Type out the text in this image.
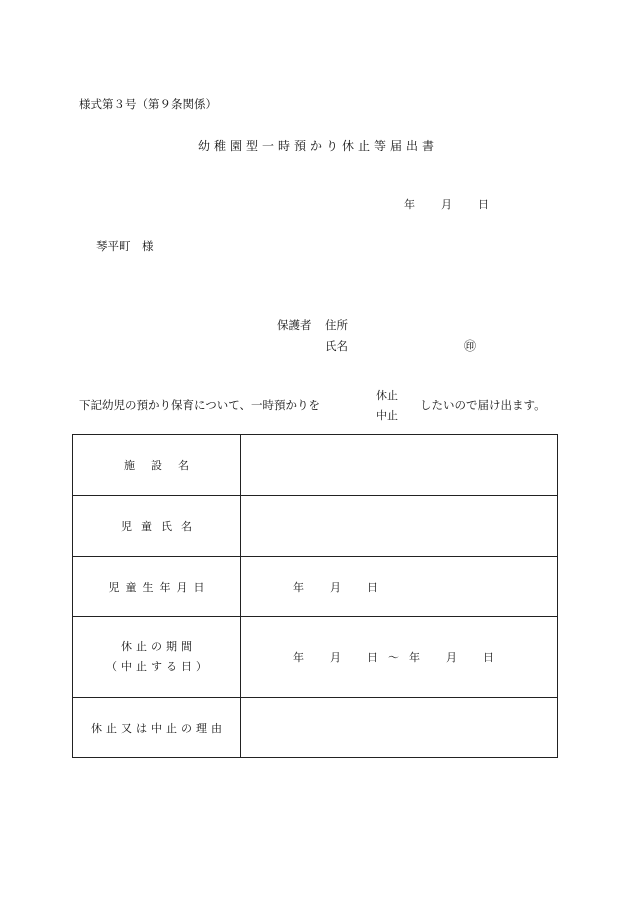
様式第３号（第９条関係）
幼稚園型一時預かり休止等届出書
年 月 日
琴平町　様
保護者 住所
氏名	㊞
下記幼児の預かり保育について、一時預かりを
休止
中止
したいので届け出ます。
施設名	
児童氏名	
児童生年月日	年 月 日

休止の期間
（中止する日）	年 月 日 ～ 年 月 日
休止又は中止の理由	
